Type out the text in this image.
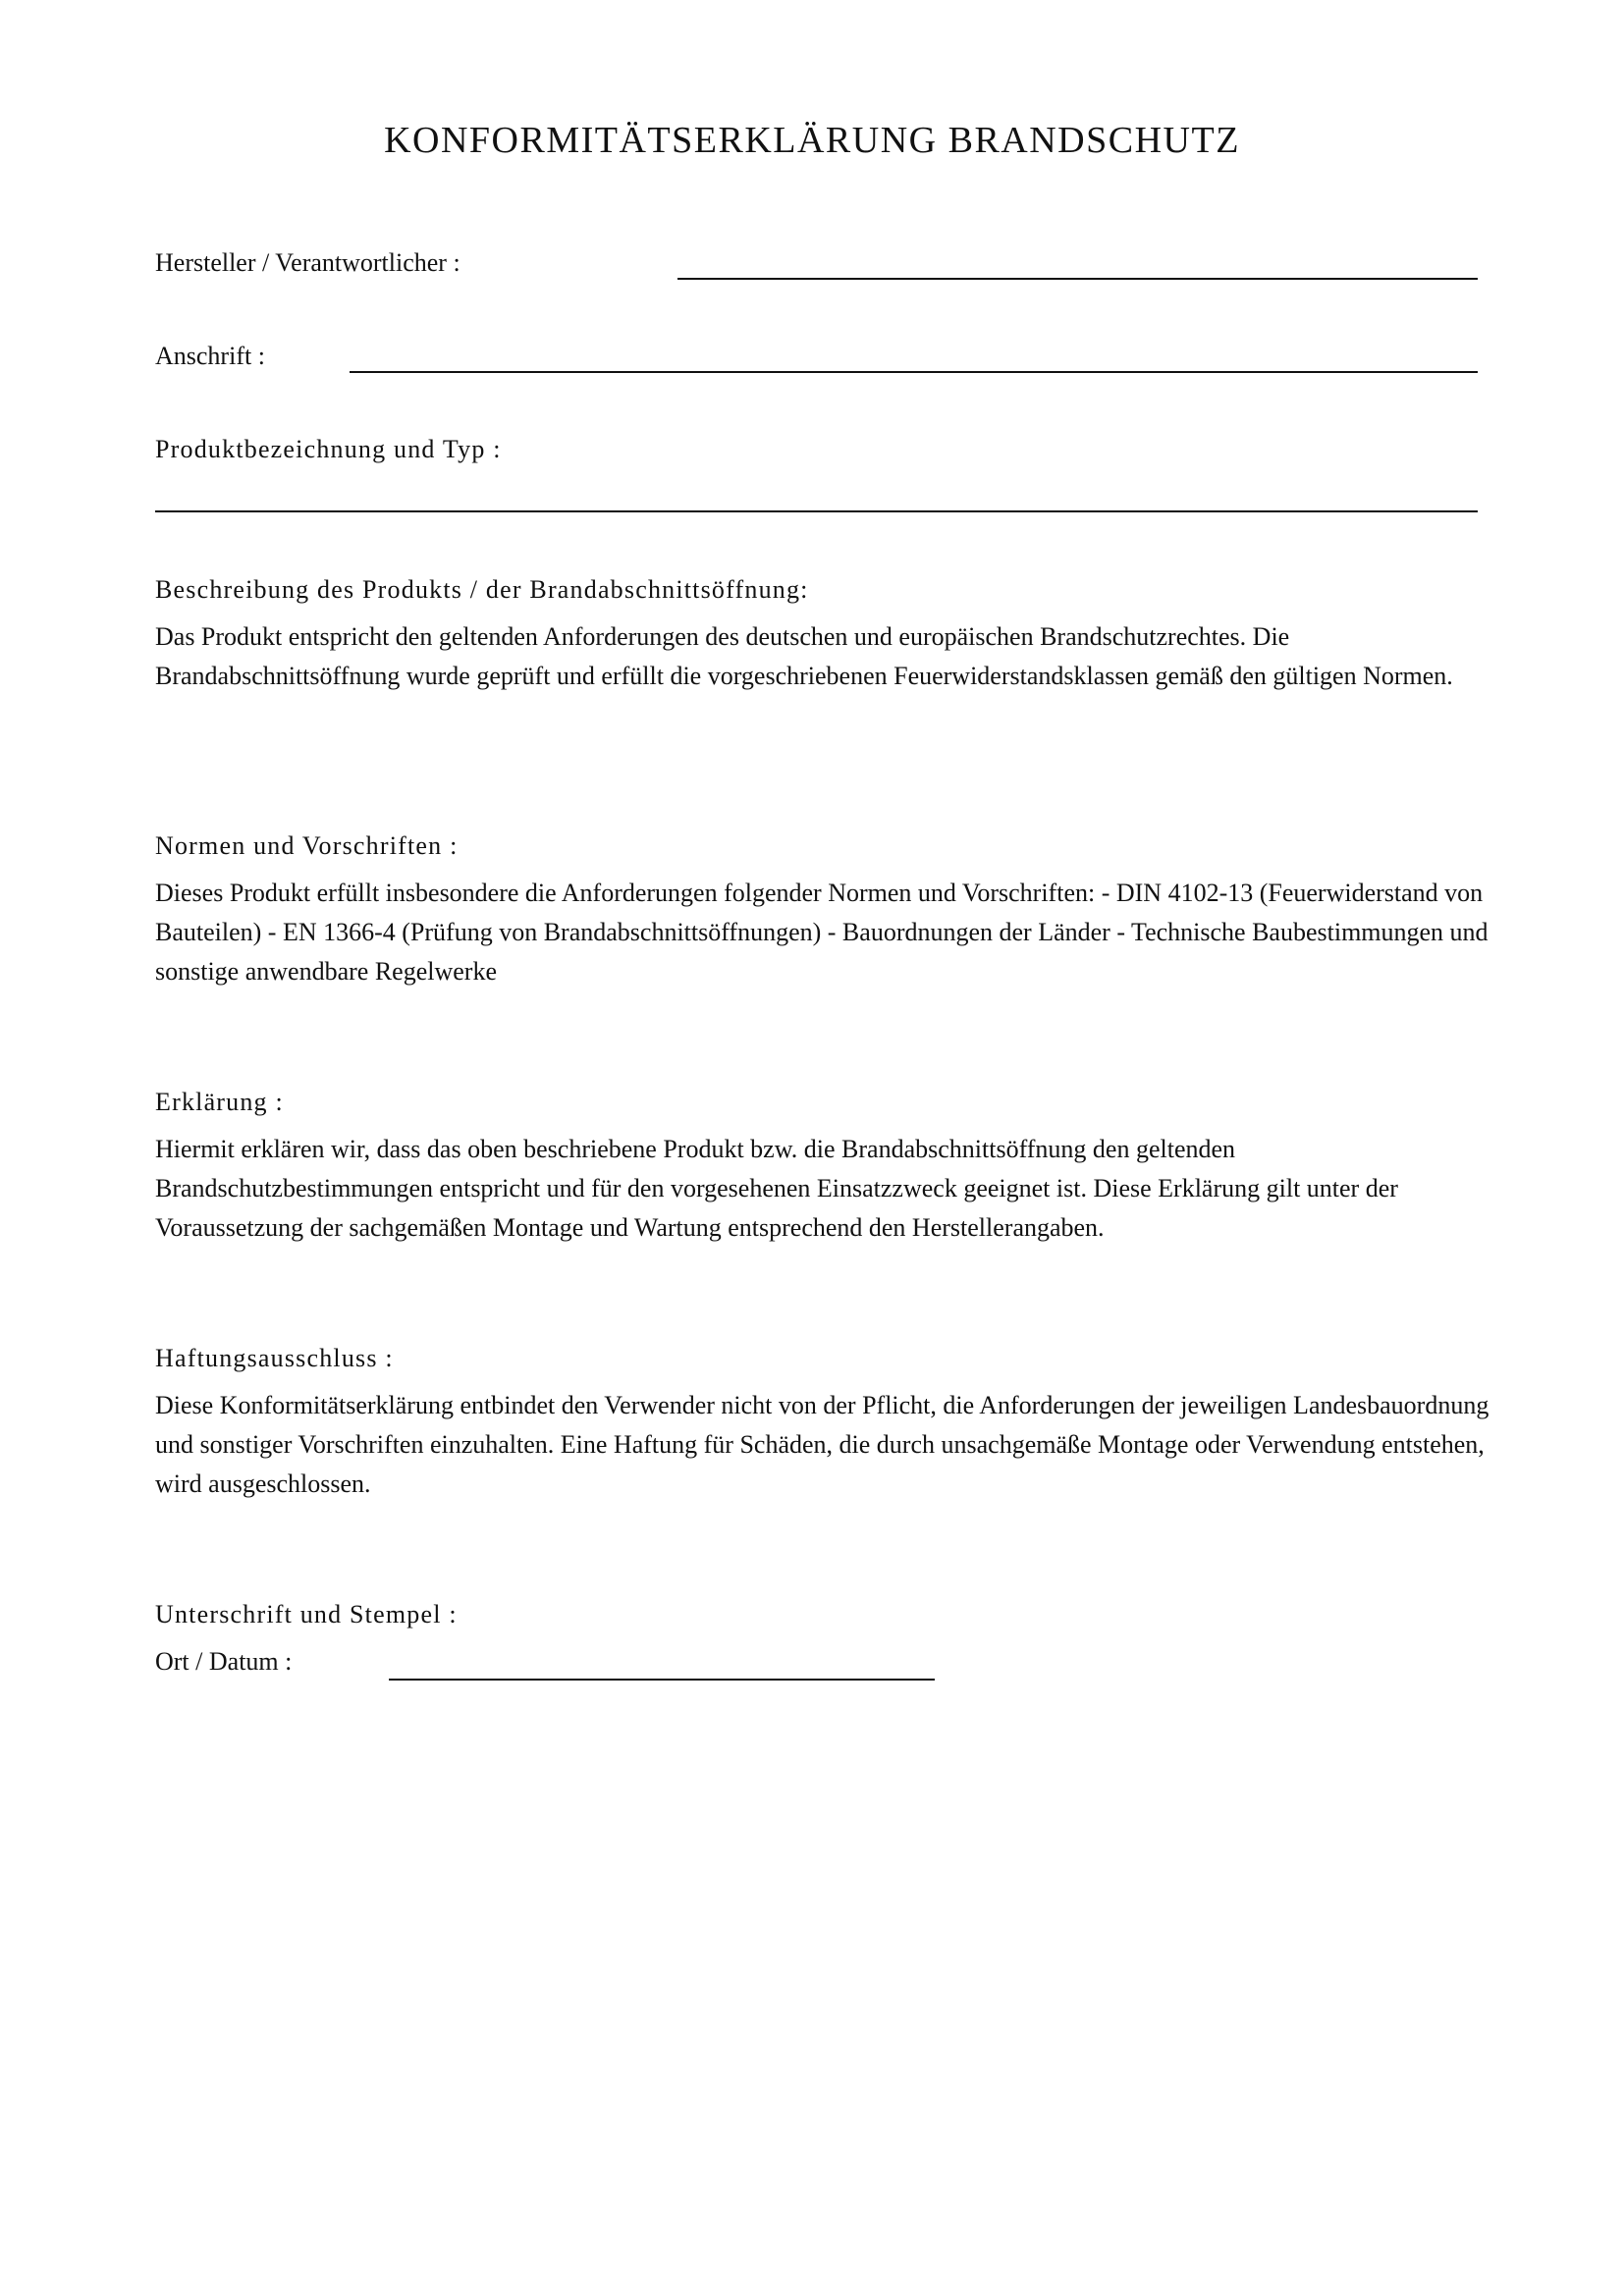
KONFORMITÄTSERKLÄRUNG BRANDSCHUTZ
Hersteller / Verantwortlicher :
Anschrift :
Produktbezeichnung und Typ :
Beschreibung des Produkts / der Brandabschnittsöffnung:
Das Produkt entspricht den geltenden Anforderungen des deutschen und europäischen Brandschutzrechtes. Die Brandabschnittsöffnung wurde geprüft und erfüllt die vorgeschriebenen Feuerwiderstandsklassen gemäß den gültigen Normen.
Normen und Vorschriften :
Dieses Produkt erfüllt insbesondere die Anforderungen folgender Normen und Vorschriften: - DIN 4102-13 (Feuerwiderstand von Bauteilen) - EN 1366-4 (Prüfung von Brandabschnittsöffnungen) - Bauordnungen der Länder - Technische Baubestimmungen und sonstige anwendbare Regelwerke
Erklärung :
Hiermit erklären wir, dass das oben beschriebene Produkt bzw. die Brandabschnittsöffnung den geltenden Brandschutzbestimmungen entspricht und für den vorgesehenen Einsatzzweck geeignet ist. Diese Erklärung gilt unter der Voraussetzung der sachgemäßen Montage und Wartung entsprechend den Herstellerangaben.
Haftungsausschluss :
Diese Konformitätserklärung entbindet den Verwender nicht von der Pflicht, die Anforderungen der jeweiligen Landesbauordnung und sonstiger Vorschriften einzuhalten. Eine Haftung für Schäden, die durch unsachgemäße Montage oder Verwendung entstehen, wird ausgeschlossen.
Unterschrift und Stempel :
Ort / Datum :
